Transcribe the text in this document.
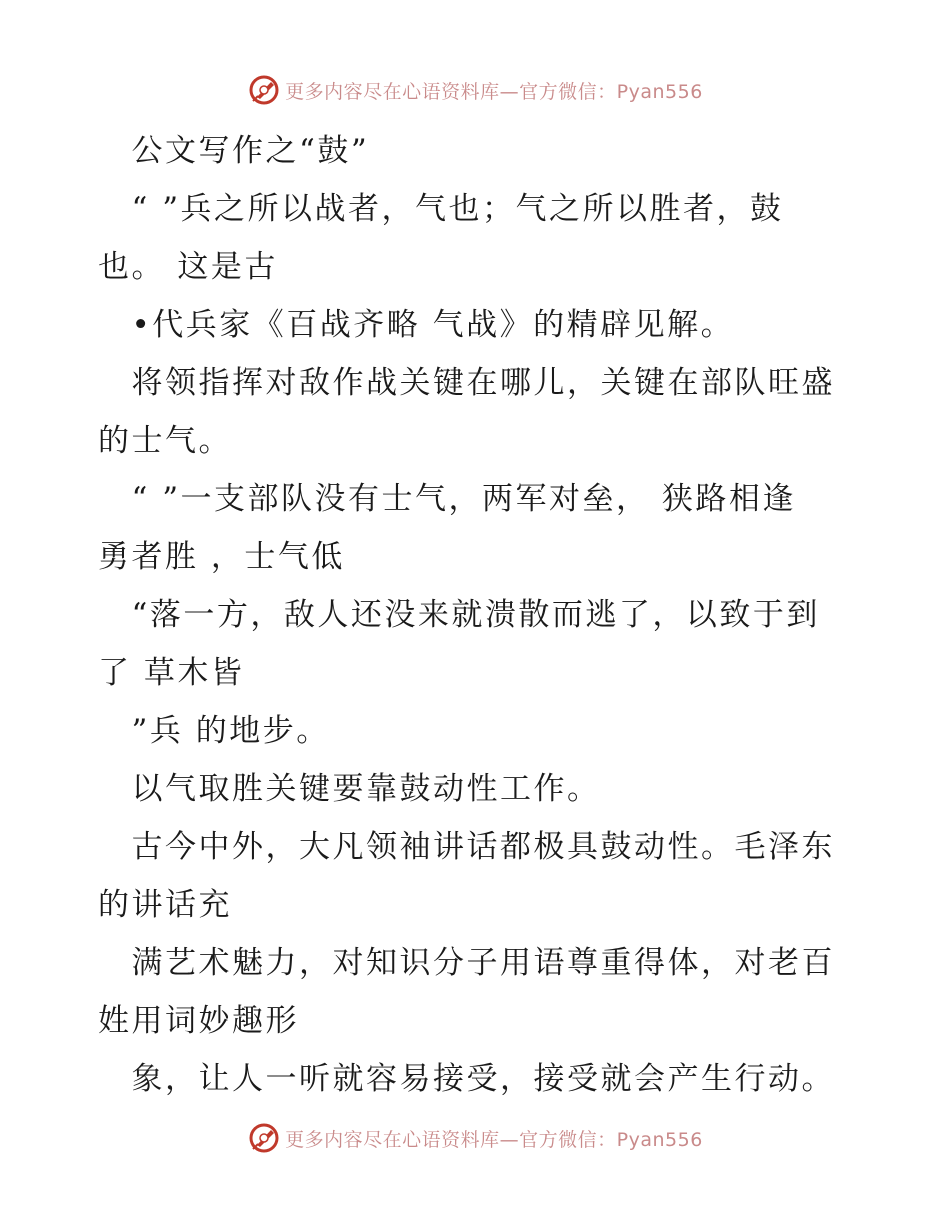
更多内容尽在心语资料库—官方微信：Pyan556
　公文写作之“鼓”
　“ ”兵之所以战者，气也；气之所以胜者，鼓
也。 这是古
　•代兵家《百战齐略 气战》的精辟见解。
　将领指挥对敌作战关键在哪儿，关键在部队旺盛
的士气。
　“ ”一支部队没有士气，两军对垒， 狭路相逢
勇者胜 ，士气低
　“落一方，敌人还没来就溃散而逃了，以致于到
了 草木皆
　”兵 的地步。
　以气取胜关键要靠鼓动性工作。
　古今中外，大凡领袖讲话都极具鼓动性。毛泽东
的讲话充
　满艺术魅力，对知识分子用语尊重得体，对老百
姓用词妙趣形
　象，让人一听就容易接受，接受就会产生行动。
更多内容尽在心语资料库—官方微信：Pyan556
